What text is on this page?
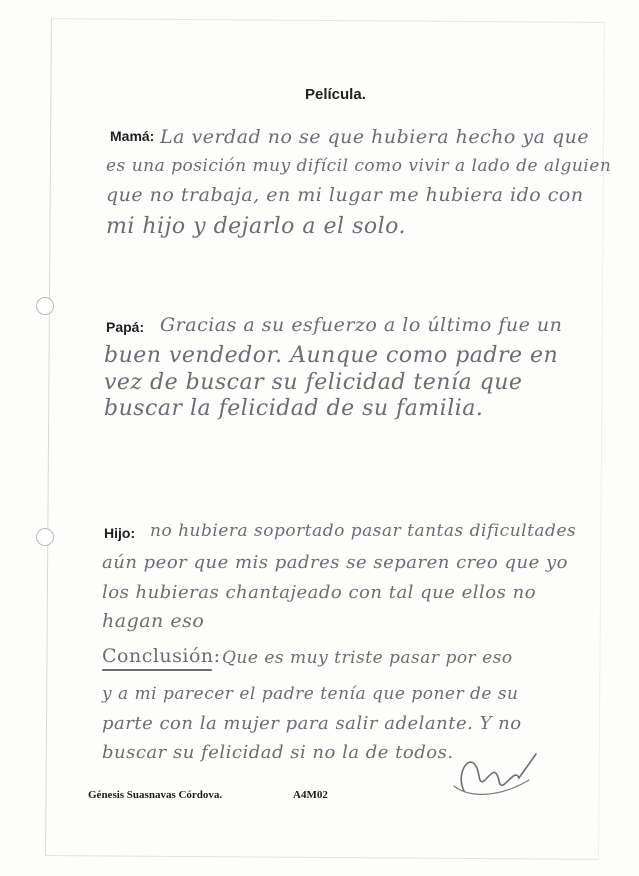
Película.
Mamá: La verdad no se que hubiera hecho ya que
es una posición muy difícil como vivir a lado de alguien
que no trabaja, en mi lugar me hubiera ido con
mi hijo y dejarlo a el solo.
Papá: Gracias a su esfuerzo a lo último fue un
buen vendedor. Aunque como padre en
vez de buscar su felicidad tenía que
buscar la felicidad de su familia.
Hijo: no hubiera soportado pasar tantas dificultades
aún peor que mis padres se separen creo que yo
los hubieras chantajeado con tal que ellos no
hagan eso
Conclusión: Que es muy triste pasar por eso
y a mi parecer el padre tenía que poner de su
parte con la mujer para salir adelante. Y no
buscar su felicidad si no la de todos.
Génesis Suasnavas Córdova.	A4M02
